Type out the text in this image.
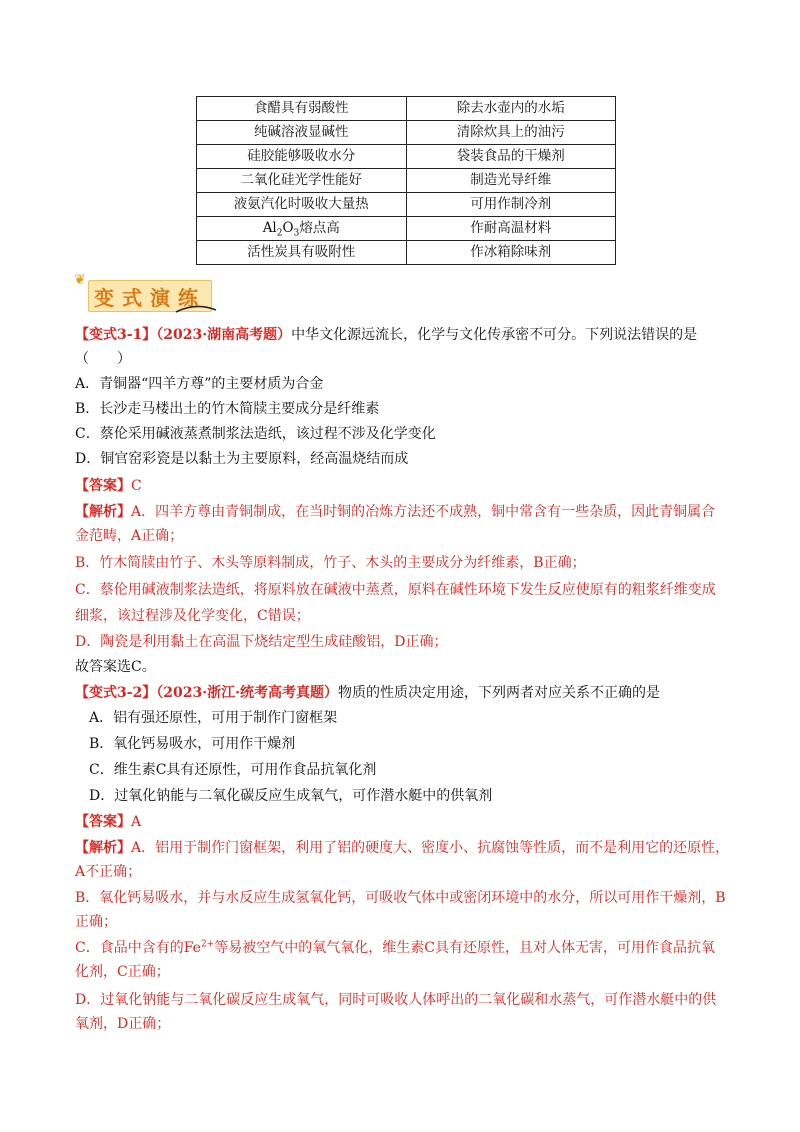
食醋具有弱酸性	除去水壶内的水垢
纯碱溶液显碱性	清除炊具上的油污
硅胶能够吸收水分	袋装食品的干燥剂
二氧化硅光学性能好	制造光导纤维
液氨汽化时吸收大量热	可用作制冷剂
$Al_2O_3$熔点高	作耐高温材料
活性炭具有吸附性	作冰箱除味剂
❦
变式演练
【变式3-1】（2023·湖南高考题）中华文化源远流长，化学与文化传承密不可分。下列说法错误的是
（　　）
A．青铜器“四羊方尊”的主要材质为合金
B．长沙走马楼出土的竹木简牍主要成分是纤维素
C．蔡伦采用碱液蒸煮制浆法造纸，该过程不涉及化学变化
D．铜官窑彩瓷是以黏土为主要原料，经高温烧结而成
【答案】C
【解析】A．四羊方尊由青铜制成，在当时铜的冶炼方法还不成熟，铜中常含有一些杂质，因此青铜属合
金范畴，A正确；
B．竹木简牍由竹子、木头等原料制成，竹子、木头的主要成分为纤维素，B正确；
C．蔡伦用碱液制浆法造纸，将原料放在碱液中蒸煮，原料在碱性环境下发生反应使原有的粗浆纤维变成
细浆，该过程涉及化学变化，C错误；
D．陶瓷是利用黏土在高温下烧结定型生成硅酸铝，D正确；
故答案选C。
【变式3-2】（2023·浙江·统考高考真题）物质的性质决定用途，下列两者对应关系不正确的是
A．铝有强还原性，可用于制作门窗框架
B．氧化钙易吸水，可用作干燥剂
C．维生素C具有还原性，可用作食品抗氧化剂
D．过氧化钠能与二氧化碳反应生成氧气，可作潜水艇中的供氧剂
【答案】A
【解析】A．铝用于制作门窗框架，利用了铝的硬度大、密度小、抗腐蚀等性质，而不是利用它的还原性，
A不正确；
B．氧化钙易吸水，并与水反应生成氢氧化钙，可吸收气体中或密闭环境中的水分，所以可用作干燥剂，B
正确；
C．食品中含有的$Fe^{2+}$等易被空气中的氧气氧化，维生素C具有还原性，且对人体无害，可用作食品抗氧
化剂，C正确；
D．过氧化钠能与二氧化碳反应生成氧气，同时可吸收人体呼出的二氧化碳和水蒸气，可作潜水艇中的供
氧剂，D正确；
